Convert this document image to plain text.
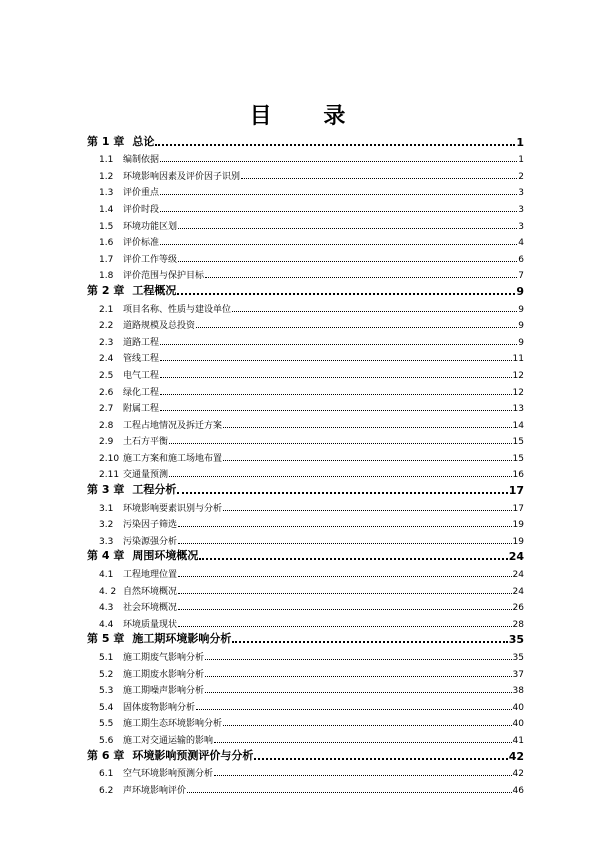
目 录
第 1 章 总论	1
1.1	编制依据	1
1.2	环境影响因素及评价因子识别	2
1.3	评价重点	3
1.4	评价时段	3
1.5	环境功能区划	3
1.6	评价标准	4
1.7	评价工作等级	6
1.8	评价范围与保护目标	7
第 2 章 工程概况	9
2.1	项目名称、性质与建设单位	9
2.2	道路规模及总投资	9
2.3	道路工程	9
2.4	管线工程	11
2.5	电气工程	12
2.6	绿化工程	12
2.7	附属工程	13
2.8	工程占地情况及拆迁方案	14
2.9	土石方平衡	15
2.10 施工方案和施工场地布置	15
2.11 交通量预测	16
第 3 章 工程分析	17
3.1	环境影响要素识别与分析	17
3.2	污染因子筛选	19
3.3	污染源强分析	19
第 4 章 周围环境概况	24
4.1	工程地理位置	24
4. 2 自然环境概况	24
4.3	社会环境概况	26
4.4	环境质量现状	28
第 5 章 施工期环境影响分析	35
5.1	施工期废气影响分析	35
5.2	施工期废水影响分析	37
5.3	施工期噪声影响分析	38
5.4	固体废物影响分析	40
5.5	施工期生态环境影响分析	40
5.6	施工对交通运输的影响	41
第 6 章 环境影响预测评价与分析	42
6.1	空气环境影响预测分析	42
6.2	声环境影响评价	46
